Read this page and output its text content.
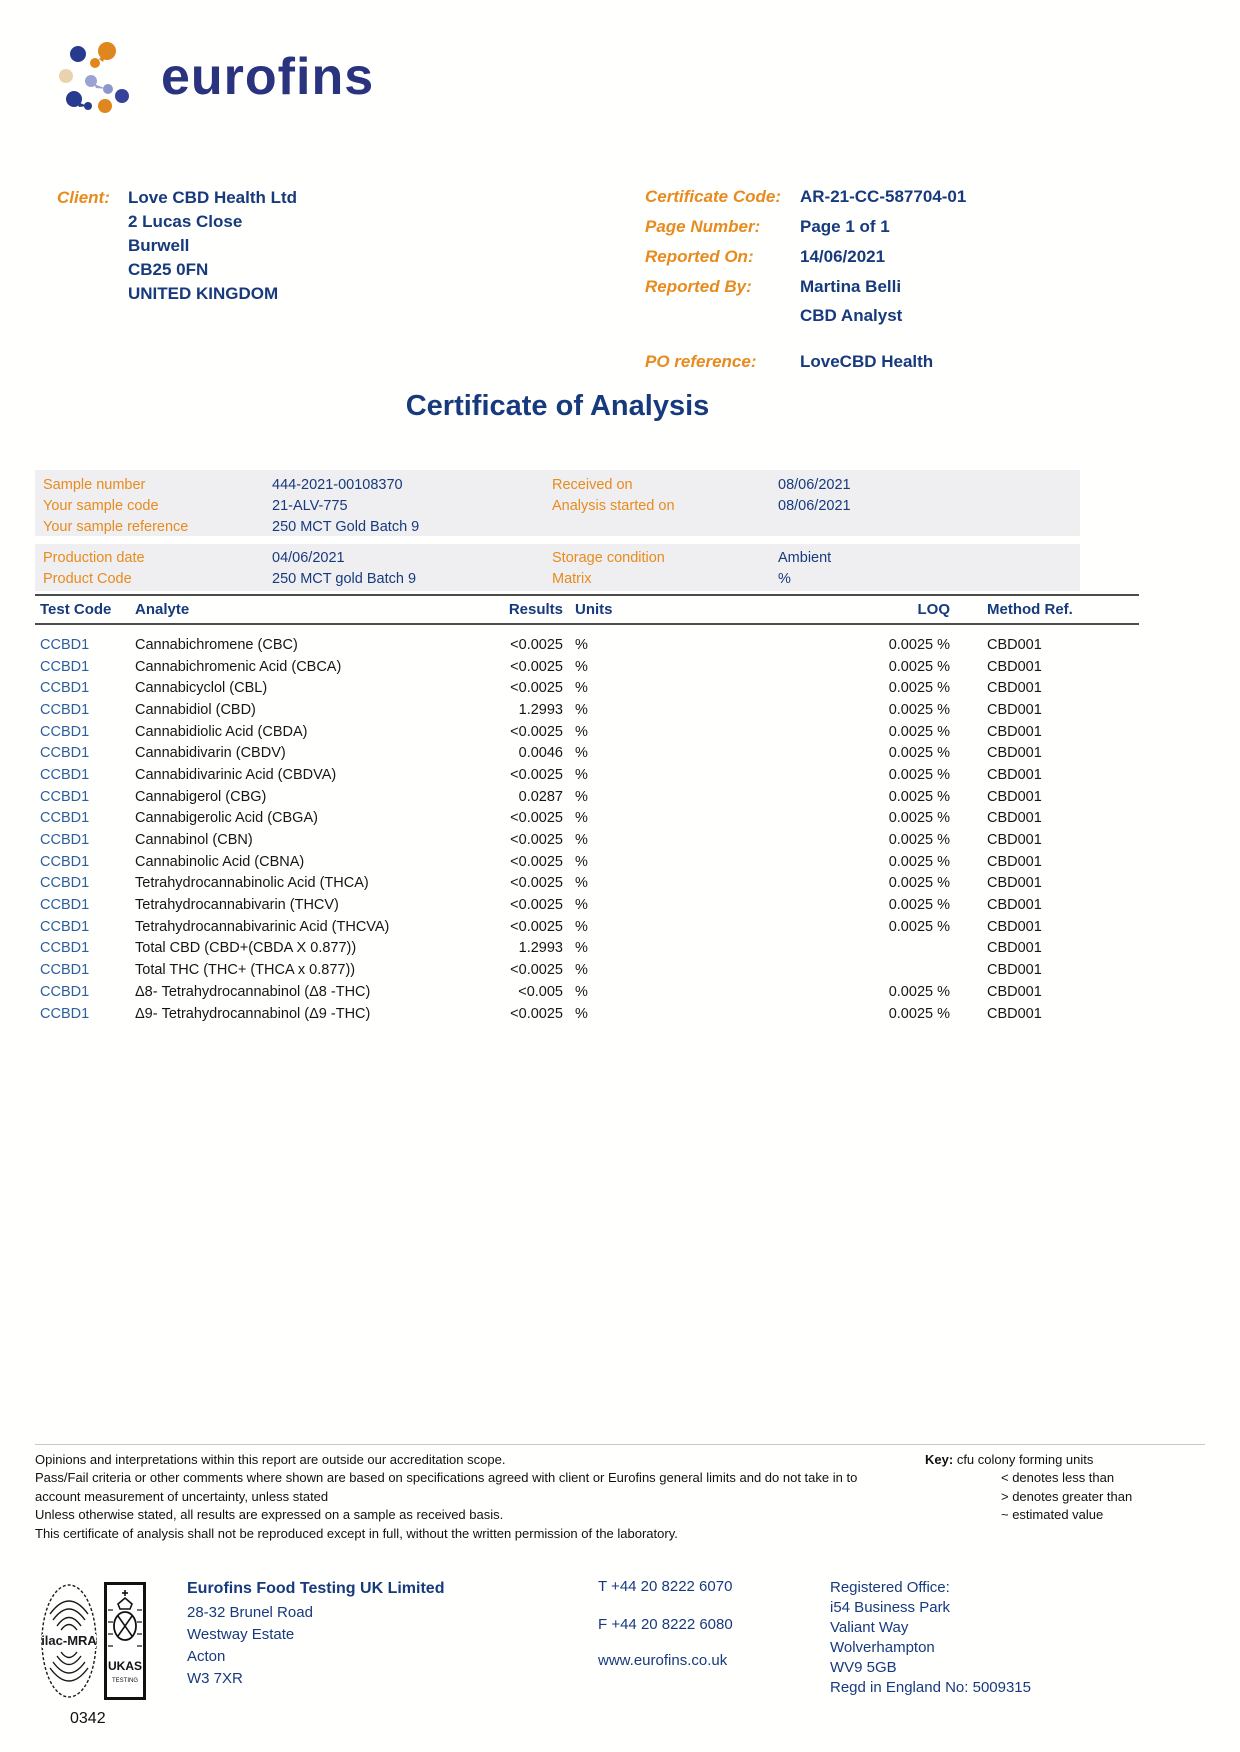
eurofins
Client:	Love CBD Health Ltd
2 Lucas Close
Burwell
CB25 0FN
UNITED KINGDOM
Certificate Code:	AR-21-CC-587704-01
Page Number:	Page 1 of 1
Reported On:	14/06/2021
Reported By:	Martina Belli
CBD Analyst
PO reference:	LoveCBD Health
Certificate of Analysis
Sample number	444-2021-00108370	Received on	08/06/2021
Your sample code	21-ALV-775	Analysis started on	08/06/2021
Your sample reference	250 MCT Gold Batch 9
Production date	04/06/2021	Storage condition	Ambient
Product Code	250 MCT gold Batch 9	Matrix	%
Test Code	Analyte	Results	Units	LOQ	Method Ref.
CCBD1	Cannabichromene (CBC)	<0.0025	%	0.0025 %	CBD001
CCBD1	Cannabichromenic Acid (CBCA)	<0.0025	%	0.0025 %	CBD001
CCBD1	Cannabicyclol (CBL)	<0.0025	%	0.0025 %	CBD001
CCBD1	Cannabidiol (CBD)	1.2993	%	0.0025 %	CBD001
CCBD1	Cannabidiolic Acid (CBDA)	<0.0025	%	0.0025 %	CBD001
CCBD1	Cannabidivarin (CBDV)	0.0046	%	0.0025 %	CBD001
CCBD1	Cannabidivarinic Acid (CBDVA)	<0.0025	%	0.0025 %	CBD001
CCBD1	Cannabigerol (CBG)	0.0287	%	0.0025 %	CBD001
CCBD1	Cannabigerolic Acid (CBGA)	<0.0025	%	0.0025 %	CBD001
CCBD1	Cannabinol (CBN)	<0.0025	%	0.0025 %	CBD001
CCBD1	Cannabinolic Acid (CBNA)	<0.0025	%	0.0025 %	CBD001
CCBD1	Tetrahydrocannabinolic Acid (THCA)	<0.0025	%	0.0025 %	CBD001
CCBD1	Tetrahydrocannabivarin (THCV)	<0.0025	%	0.0025 %	CBD001
CCBD1	Tetrahydrocannabivarinic Acid (THCVA)	<0.0025	%	0.0025 %	CBD001
CCBD1	Total CBD (CBD+(CBDA X 0.877))	1.2993	%		CBD001
CCBD1	Total THC (THC+ (THCA x 0.877))	<0.0025	%		CBD001
CCBD1	Δ8- Tetrahydrocannabinol (Δ8 -THC)	<0.005	%	0.0025 %	CBD001
CCBD1	Δ9- Tetrahydrocannabinol (Δ9 -THC)	<0.0025	%	0.0025 %	CBD001
Opinions and interpretations within this report are outside our accreditation scope.
Pass/Fail criteria or other comments where shown are based on specifications agreed with client or Eurofins general limits and do not take in to account measurement of uncertainty, unless stated
Unless otherwise stated, all results are expressed on a sample as received basis.
This certificate of analysis shall not be reproduced except in full, without the written permission of the laboratory.
Key: cfu colony forming units
< denotes less than
> denotes greater than
~ estimated value
ilac-MRA
UKAS
TESTING
0342
Eurofins Food Testing UK Limited
28-32 Brunel Road
Westway Estate
Acton
W3 7XR
T +44 20 8222 6070
F +44 20 8222 6080
www.eurofins.co.uk
Registered Office:
i54 Business Park
Valiant Way
Wolverhampton
WV9 5GB
Regd in England No: 5009315
